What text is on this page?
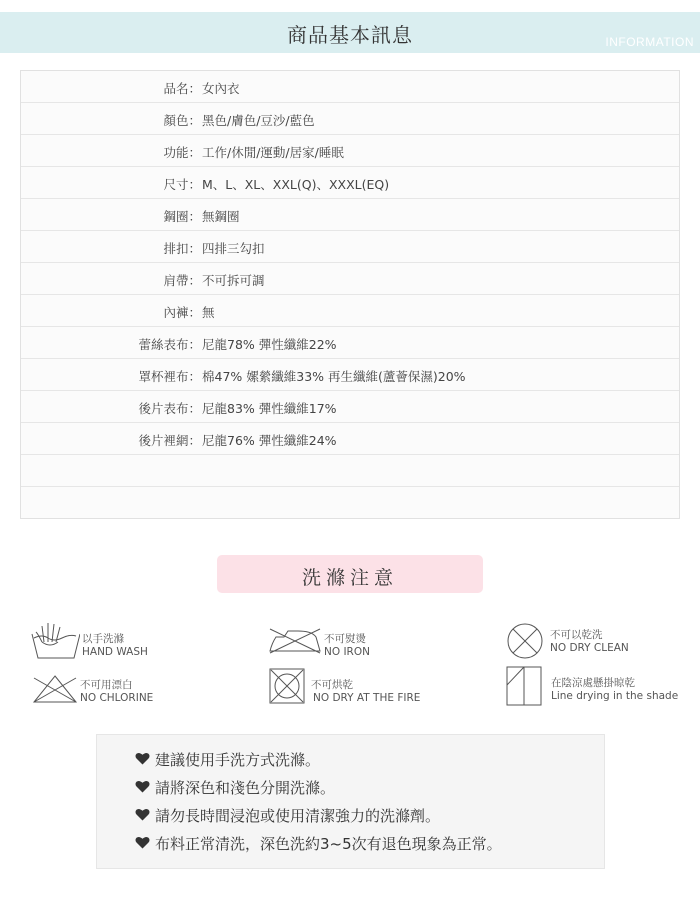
商品基本訊息	INFORMATION
品名： 女內衣
顏色： 黑色/膚色/豆沙/藍色
功能： 工作/休閒/運動/居家/睡眠
尺寸： M、L、XL、XXL(Q)、XXXL(EQ)
鋼圈： 無鋼圈
排扣： 四排三勾扣
肩帶： 不可拆可調
內褲： 無
蕾絲表布： 尼龍78% 彈性纖維22%
罩杯裡布： 棉47% 嫘縈纖維33% 再生纖維(蘆薈保濕)20%
後片表布： 尼龍83% 彈性纖維17%
後片裡網： 尼龍76% 彈性纖維24%
洗滌注意
以手洗滌
HAND WASH
不可熨燙
NO IRON
不可以乾洗
NO DRY CLEAN
不可用漂白
NO CHLORINE
不可烘乾
NO DRY AT THE FIRE
在陰涼處懸掛晾乾
Line drying in the shade
建議使用手洗方式洗滌。
請將深色和淺色分開洗滌。
請勿長時間浸泡或使用清潔強力的洗滌劑。
布料正常清洗，深色洗約3~5次有退色現象為正常。
